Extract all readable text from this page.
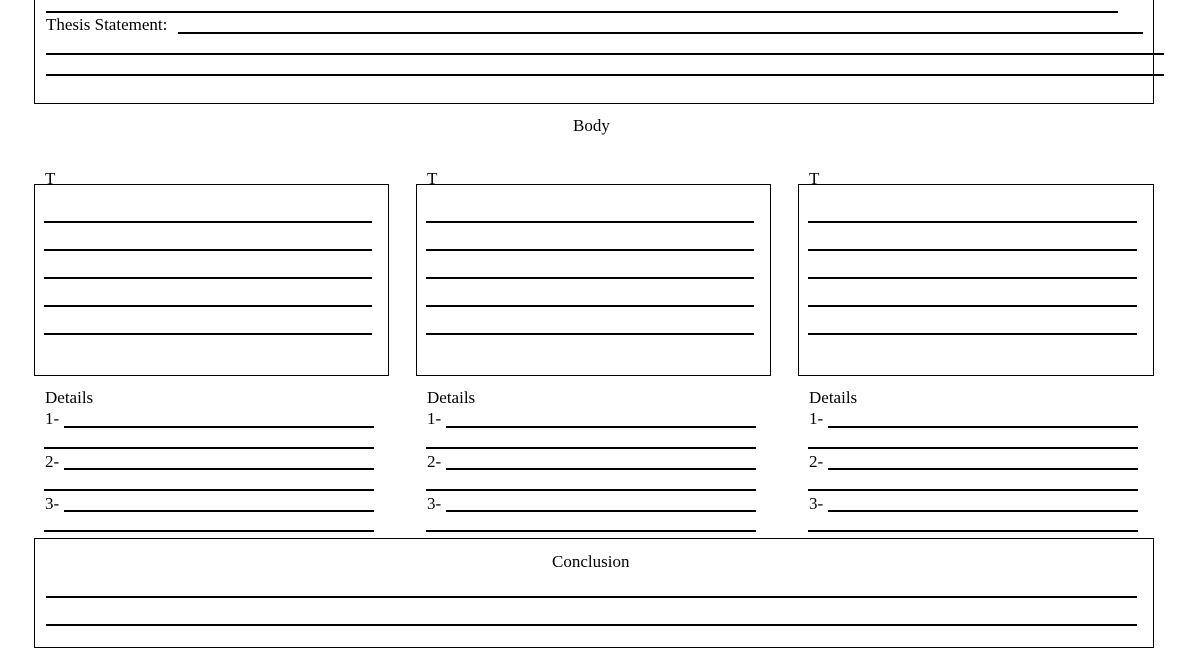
Thesis Statement:
Body
T
Details
1-
2-
3-
T
Details
1-
2-
3-
T
Details
1-
2-
3-
Conclusion
